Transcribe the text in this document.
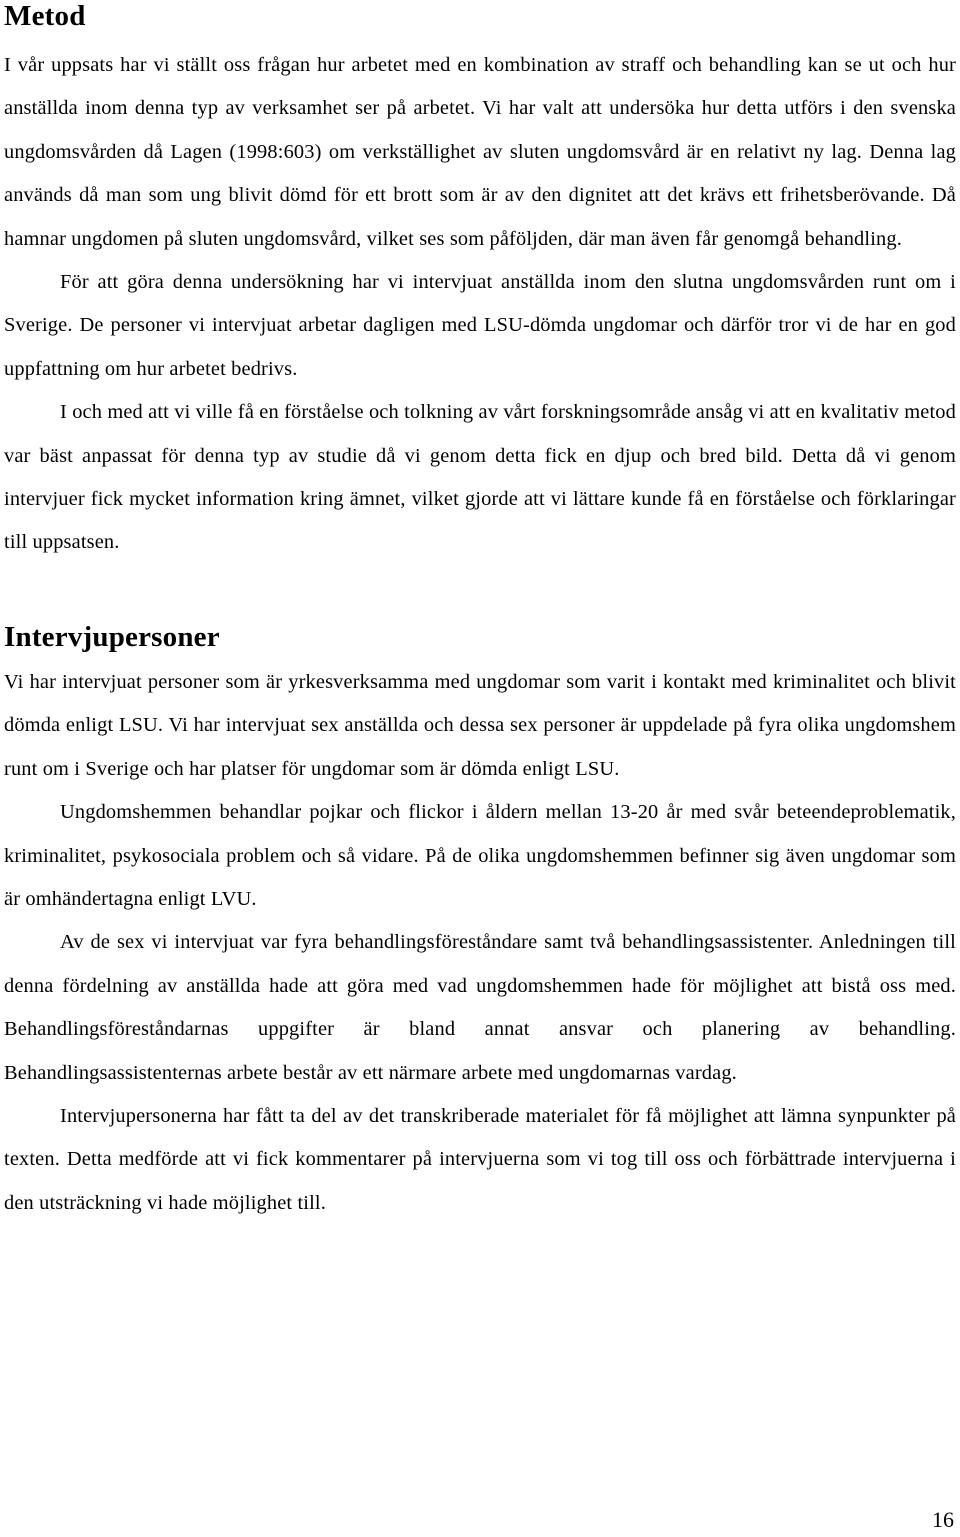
Metod

I vår uppsats har vi ställt oss frågan hur arbetet med en kombination av straff och behandling kan se ut och hur anställda inom denna typ av verksamhet ser på arbetet. Vi har valt att undersöka hur detta utförs i den svenska ungdomsvården då Lagen (1998:603) om verkställighet av sluten ungdomsvård är en relativt ny lag. Denna lag används då man som ung blivit dömd för ett brott som är av den dignitet att det krävs ett frihetsberövande. Då hamnar ungdomen på sluten ungdomsvård, vilket ses som påföljden, där man även får genomgå behandling.

För att göra denna undersökning har vi intervjuat anställda inom den slutna ungdomsvården runt om i Sverige. De personer vi intervjuat arbetar dagligen med LSU-dömda ungdomar och därför tror vi de har en god uppfattning om hur arbetet bedrivs.

I och med att vi ville få en förståelse och tolkning av vårt forskningsområde ansåg vi att en kvalitativ metod var bäst anpassat för denna typ av studie då vi genom detta fick en djup och bred bild. Detta då vi genom intervjuer fick mycket information kring ämnet, vilket gjorde att vi lättare kunde få en förståelse och förklaringar till uppsatsen.

Intervjupersoner

Vi har intervjuat personer som är yrkesverksamma med ungdomar som varit i kontakt med kriminalitet och blivit dömda enligt LSU. Vi har intervjuat sex anställda och dessa sex personer är uppdelade på fyra olika ungdomshem runt om i Sverige och har platser för ungdomar som är dömda enligt LSU.

Ungdomshemmen behandlar pojkar och flickor i åldern mellan 13-20 år med svår beteendeproblematik, kriminalitet, psykosociala problem och så vidare. På de olika ungdomshemmen befinner sig även ungdomar som är omhändertagna enligt LVU.

Av de sex vi intervjuat var fyra behandlingsföreståndare samt två behandlingsassistenter. Anledningen till denna fördelning av anställda hade att göra med vad ungdomshemmen hade för möjlighet att bistå oss med. Behandlingsföreståndarnas uppgifter är bland annat ansvar och planering av behandling. Behandlingsassistenternas arbete består av ett närmare arbete med ungdomarnas vardag.

Intervjupersonerna har fått ta del av det transkriberade materialet för få möjlighet att lämna synpunkter på texten. Detta medförde att vi fick kommentarer på intervjuerna som vi tog till oss och förbättrade intervjuerna i den utsträckning vi hade möjlighet till.

16
